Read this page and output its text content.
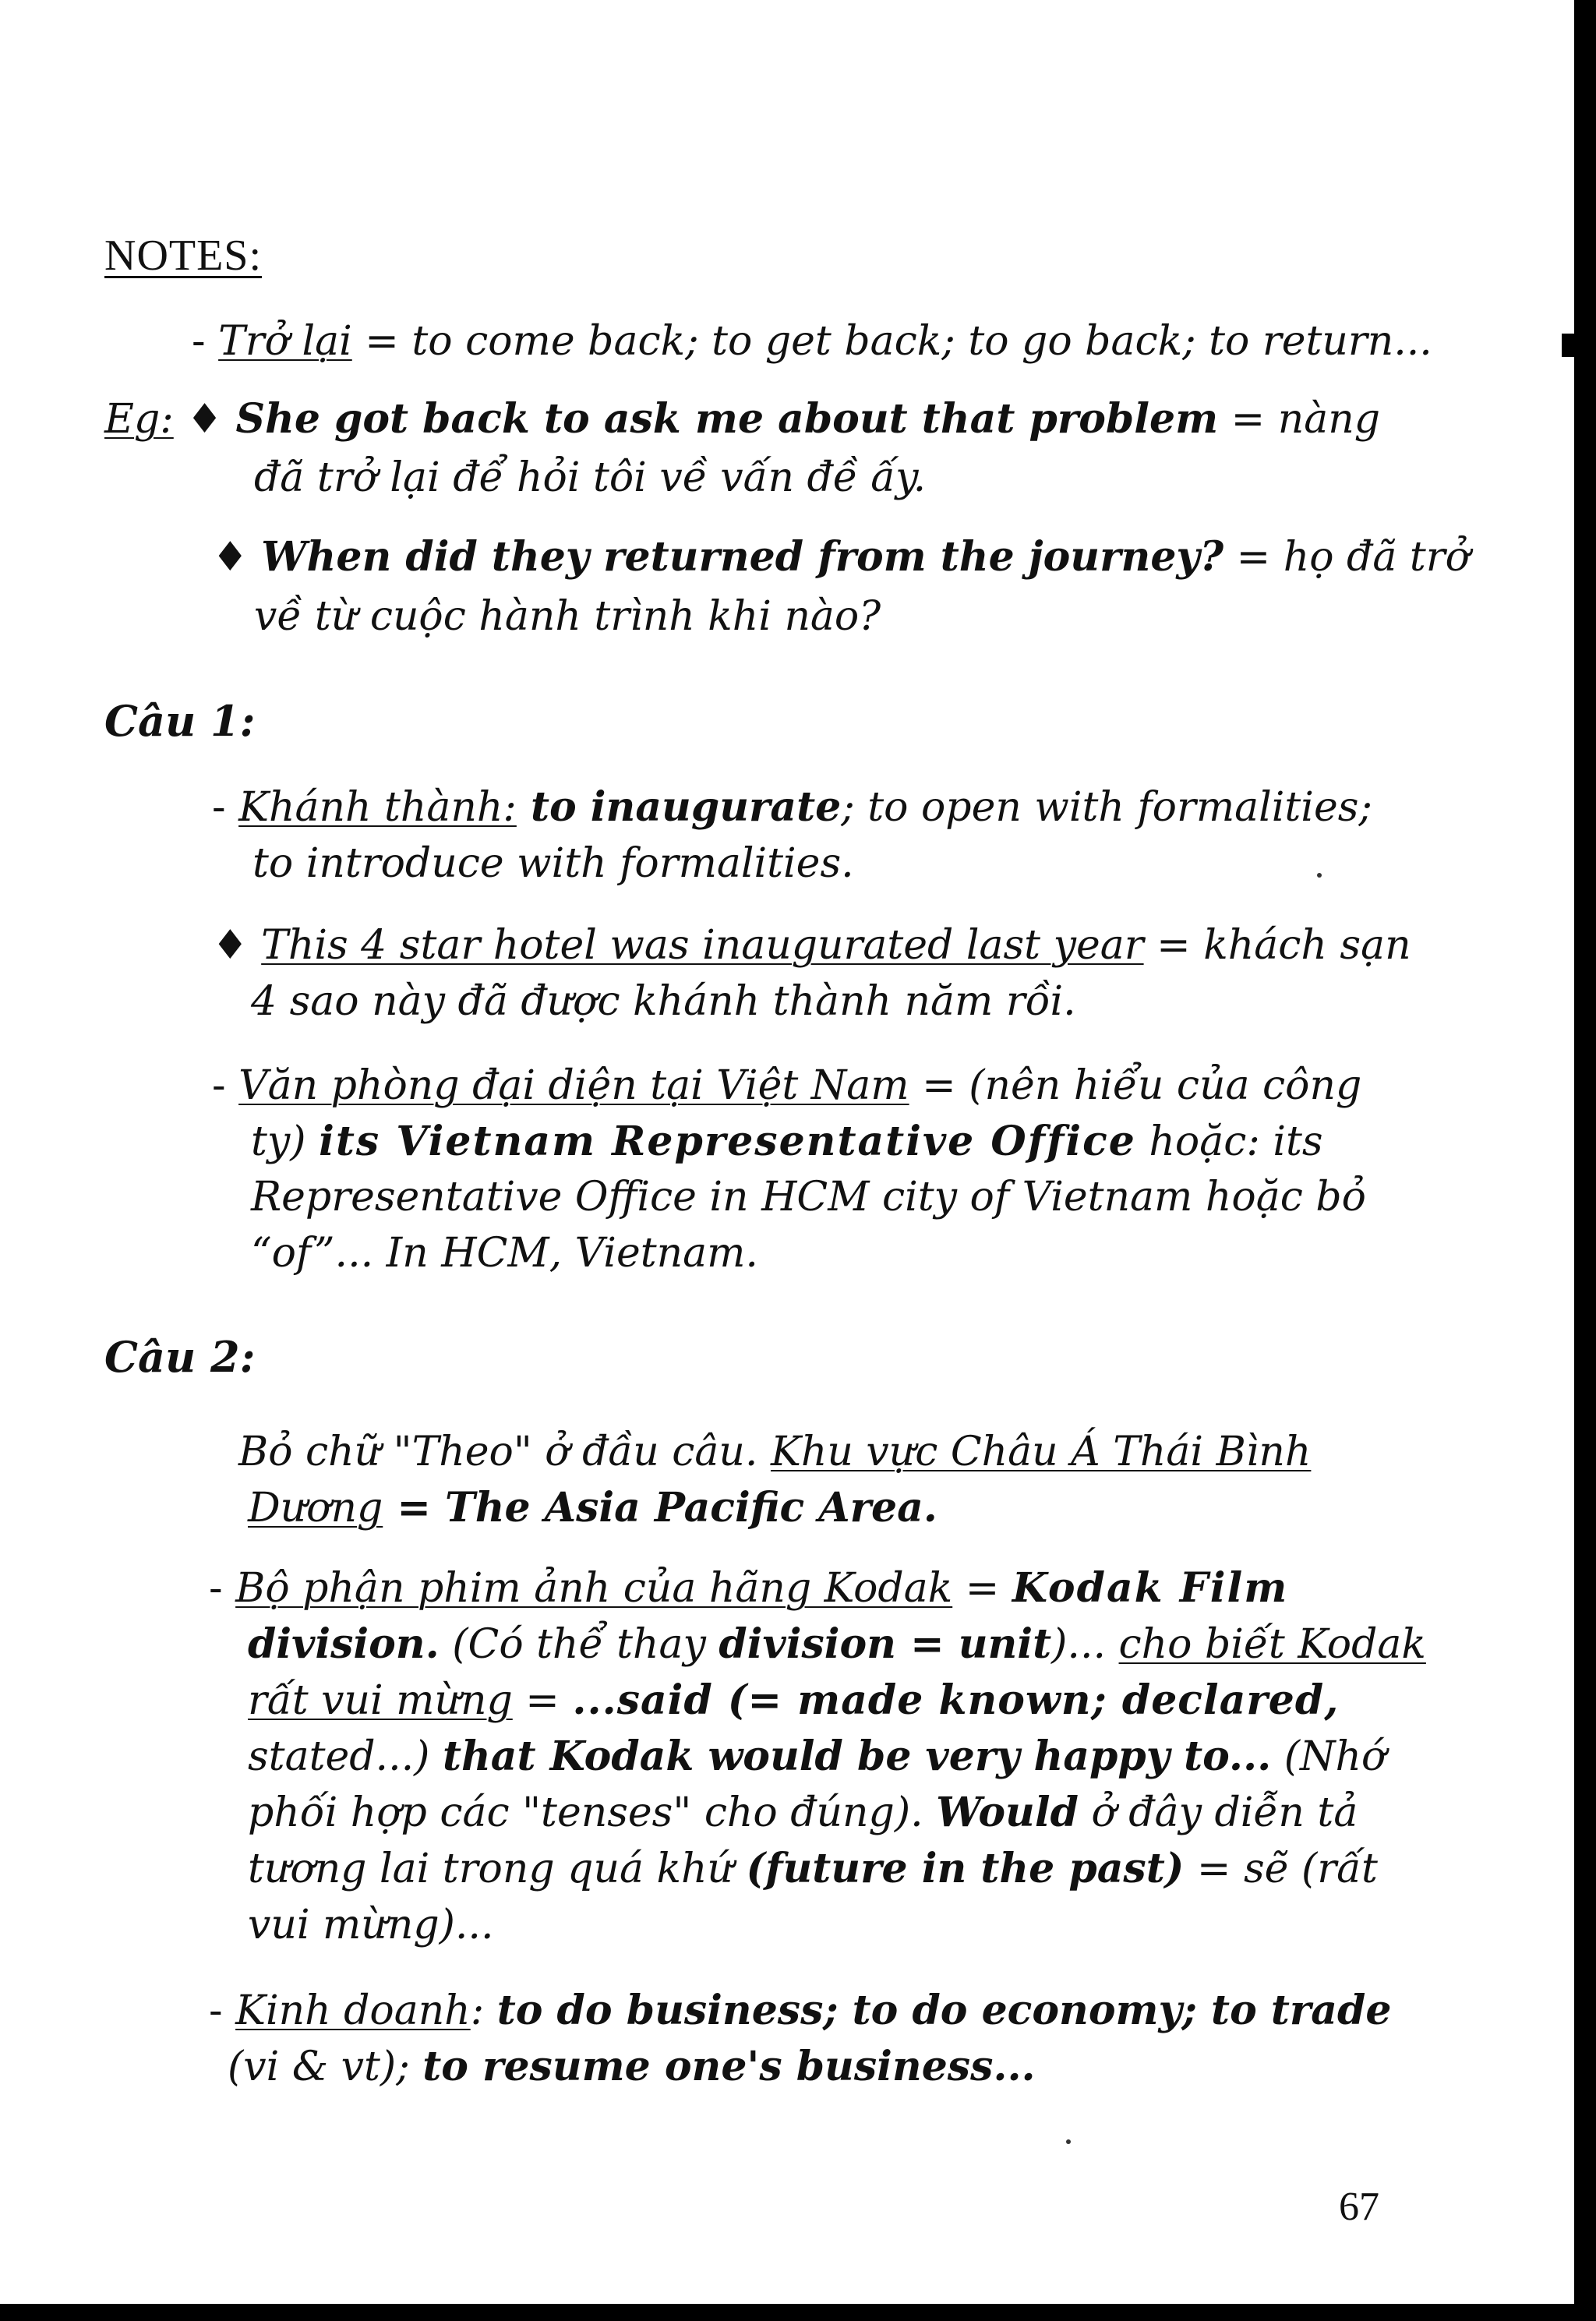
NOTES:
- Trở lại = to come back; to get back; to go back; to return...
Eg: ♦ She got back to ask me about that problem = nàng
đã trở lại để hỏi tôi về vấn đề ấy.
♦ When did they returned from the journey? = họ đã trở
về từ cuộc hành trình khi nào?
Câu 1:
- Khánh thành: to inaugurate; to open with formalities;
to introduce with formalities.
♦ This 4 star hotel was inaugurated last year = khách sạn
4 sao này đã được khánh thành năm rồi.
- Văn phòng đại diện tại Việt Nam = (nên hiểu của công
ty) its Vietnam Representative Office hoặc: its
Representative Office in HCM city of Vietnam hoặc bỏ
“of”... In HCM, Vietnam.
Câu 2:
Bỏ chữ "Theo" ở đầu câu. Khu vực Châu Á Thái Bình
Dương = The Asia Pacific Area.
- Bộ phận phim ảnh của hãng Kodak = Kodak Film
division. (Có thể thay division = unit)... cho biết Kodak
rất vui mừng = ...said (= made known; declared,
stated...) that Kodak would be very happy to... (Nhớ
phối hợp các "tenses" cho đúng). Would ở đây diễn tả
tương lai trong quá khứ (future in the past) = sẽ (rất
vui mừng)...
- Kinh doanh: to do business; to do economy; to trade
(vi & vt); to resume one's business...
67
